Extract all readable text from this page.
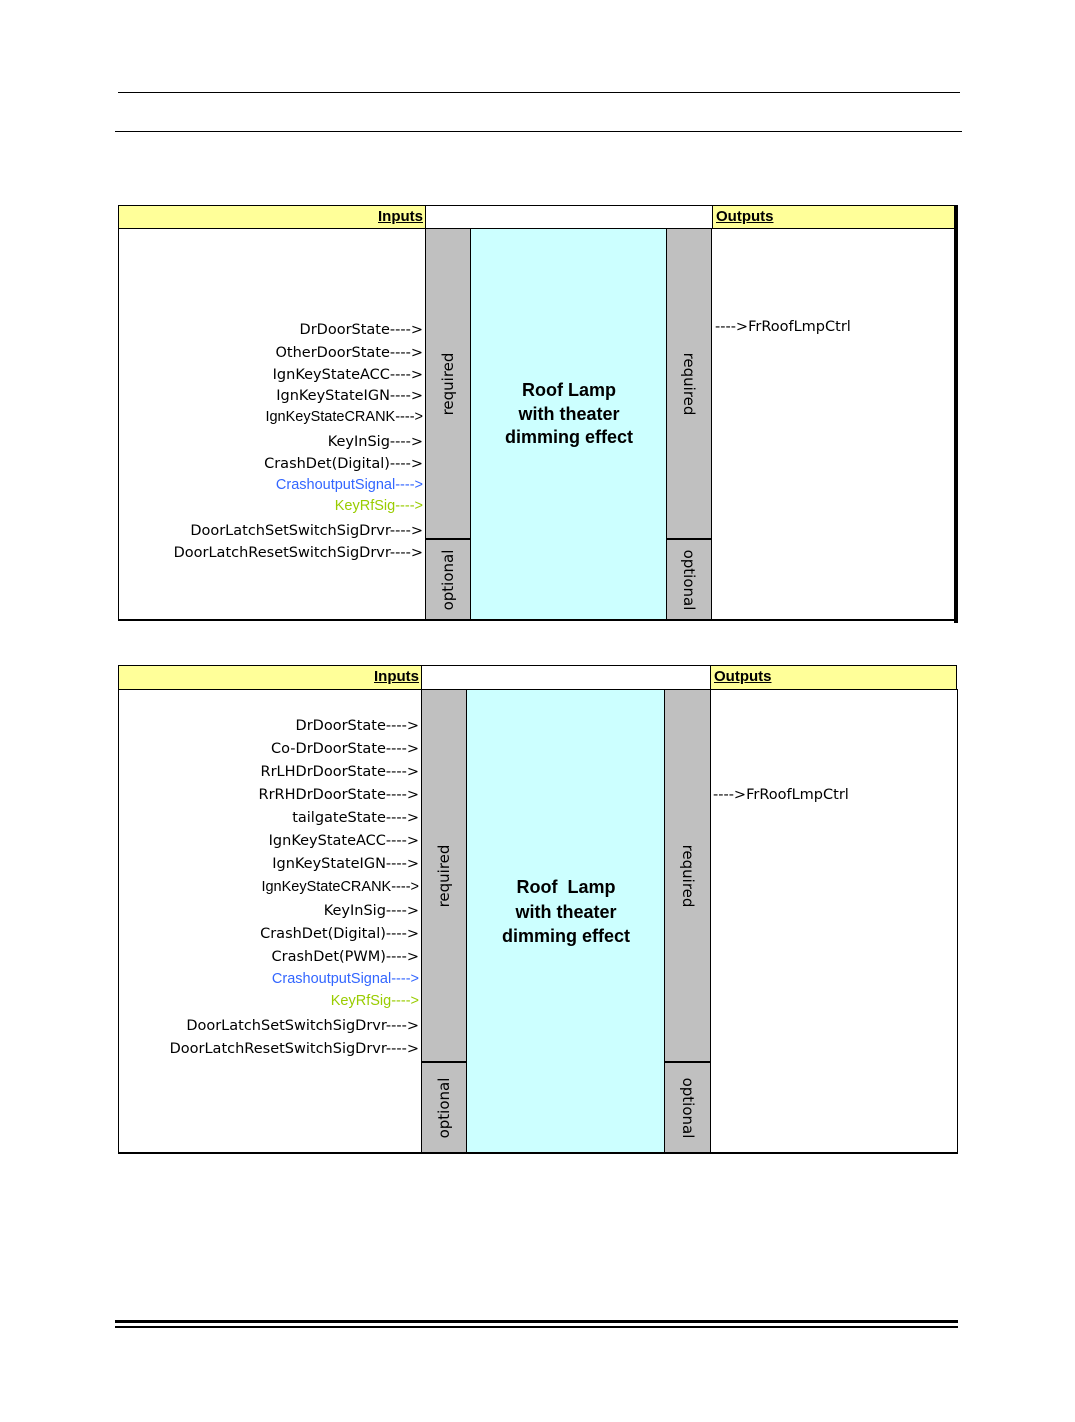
Inputs	Outputs
DrDoorState---->
OtherDoorState---->
IgnKeyStateACC---->
IgnKeyStateIGN---->
IgnKeyStateCRANK---->
KeyInSig---->
CrashDet(Digital)---->
CrashoutputSignal---->
KeyRfSig---->
DoorLatchSetSwitchSigDrvr---->
DoorLatchResetSwitchSigDrvr---->
required
optional
Roof Lamp
with theater
dimming effect
required
optional
---->FrRoofLmpCtrl
Inputs	Outputs
DrDoorState---->
Co-DrDoorState---->
RrLHDrDoorState---->
RrRHDrDoorState---->
tailgateState---->
IgnKeyStateACC---->
IgnKeyStateIGN---->
IgnKeyStateCRANK---->
KeyInSig---->
CrashDet(Digital)---->
CrashDet(PWM)---->
CrashoutputSignal---->
KeyRfSig---->
DoorLatchSetSwitchSigDrvr---->
DoorLatchResetSwitchSigDrvr---->
required
optional
Roof  Lamp
with theater
dimming effect
required
optional
---->FrRoofLmpCtrl
